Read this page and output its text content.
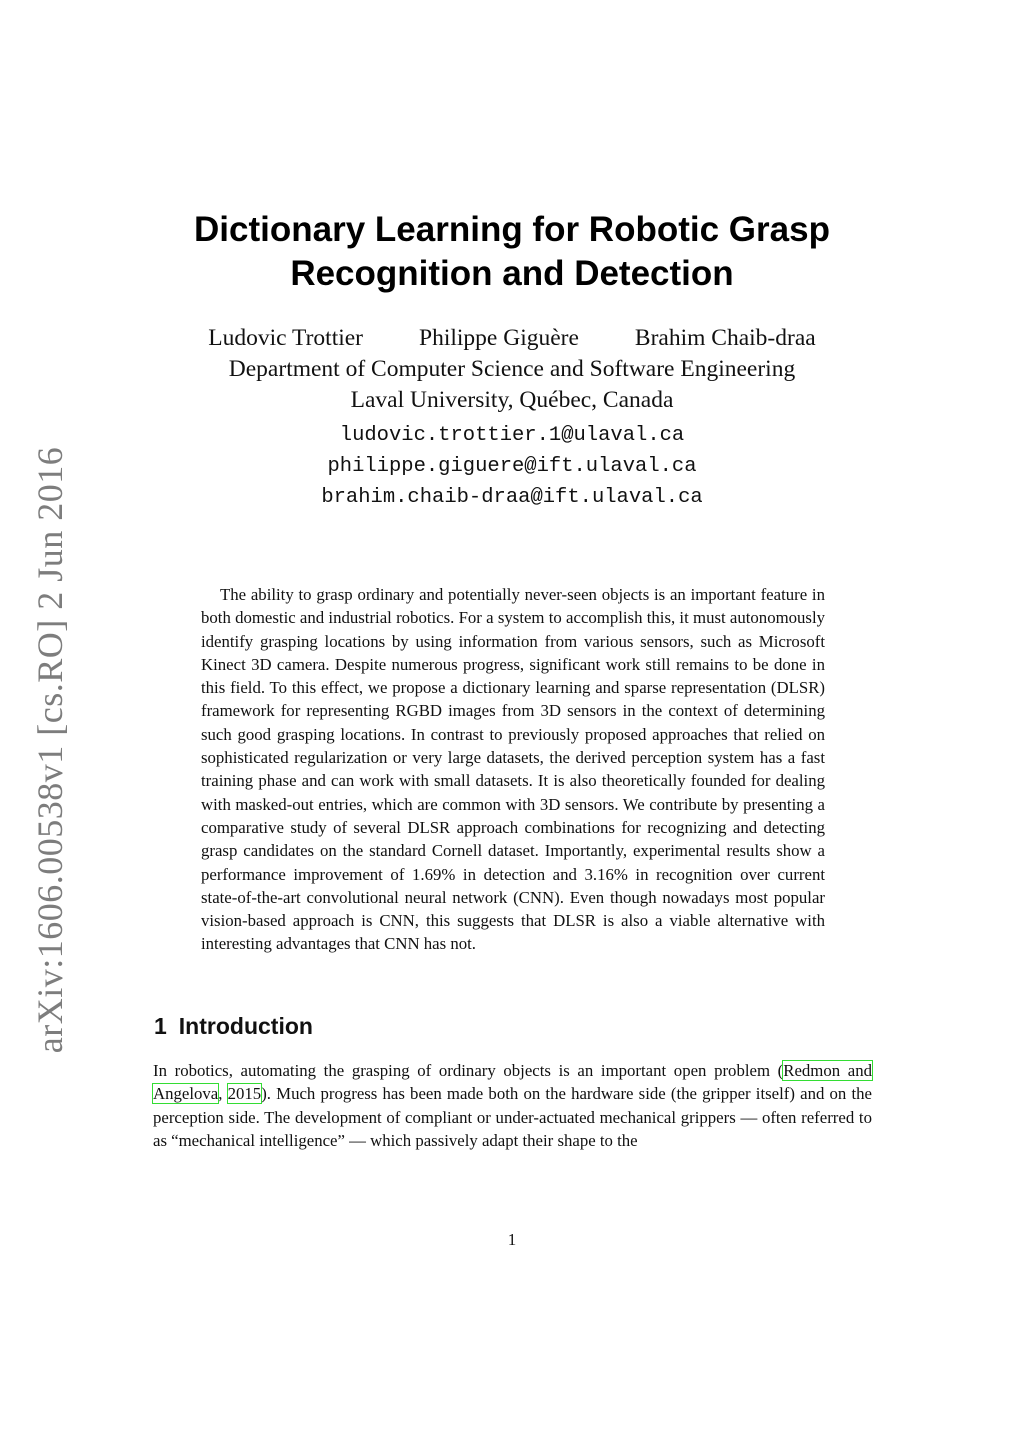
arXiv:1606.00538v1 [cs.RO] 2 Jun 2016
Dictionary Learning for Robotic Grasp
Recognition and Detection
Ludovic Trottier Philippe Giguère Brahim Chaib-draa
Department of Computer Science and Software Engineering
Laval University, Québec, Canada
ludovic.trottier.1@ulaval.ca
philippe.giguere@ift.ulaval.ca
brahim.chaib-draa@ift.ulaval.ca

The ability to grasp ordinary and potentially never-seen objects is an important feature in both domestic and industrial robotics. For a system to accomplish this, it must autonomously identify grasping locations by using information from various sensors, such as Microsoft Kinect 3D camera. Despite numerous progress, significant work still remains to be done in this field. To this effect, we propose a dictionary learning and sparse representation (DLSR) framework for representing RGBD images from 3D sensors in the context of determining such good grasping locations. In contrast to previously proposed approaches that relied on sophisticated regularization or very large datasets, the derived perception system has a fast training phase and can work with small datasets. It is also theoretically founded for dealing with masked-out entries, which are common with 3D sensors. We contribute by presenting a comparative study of several DLSR approach combinations for recognizing and detecting grasp candidates on the standard Cornell dataset. Importantly, experimental results show a performance improvement of 1.69% in detection and 3.16% in recognition over current state-of-the-art convolutional neural network (CNN). Even though nowadays most popular vision-based approach is CNN, this suggests that DLSR is also a viable alternative with interesting advantages that CNN has not.

1 Introduction

In robotics, automating the grasping of ordinary objects is an important open problem (Redmon and Angelova, 2015). Much progress has been made both on the hardware side (the gripper itself) and on the perception side. The development of compliant or under-actuated mechanical grippers — often referred to as “mechanical intelligence” — which passively adapt their shape to the

1
